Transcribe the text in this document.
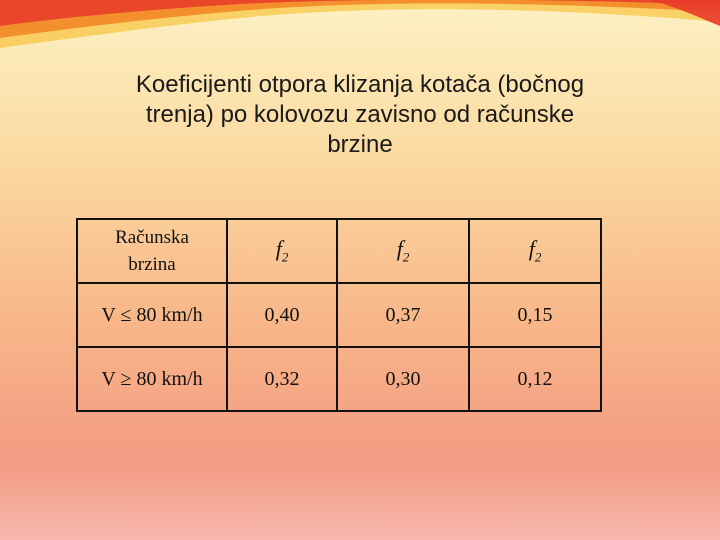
Koeficijenti otpora klizanja kotača (bočnog
trenja) po kolovozu zavisno od računske
brzine
Računska
brzina	$f_2$	$f_2$	$f_2$
V ≤ 80 km/h	0,40	0,37	0,15
V ≥ 80 km/h	0,32	0,30	0,12
